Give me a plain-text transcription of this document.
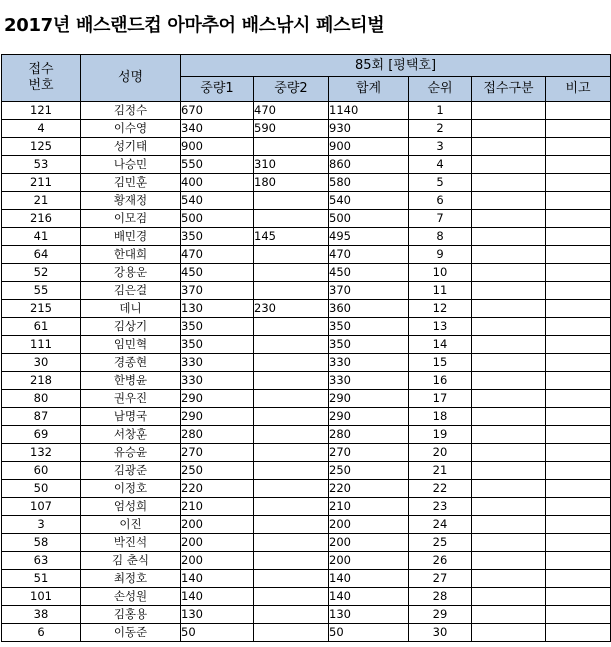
2017년 배스랜드컵 아마추어 배스낚시 페스티벌
접수
번호	성명	85회 [평택호]					
		중량1	중량2	합계	순위	접수구분	비고
121	김정수	670	470	1140	1		
4	이수영	340	590	930	2		
125	성기태	900		900	3		
53	나승민	550	310	860	4		
211	김민훈	400	180	580	5		
21	황재정	540		540	6		
216	이모검	500		500	7		
41	배민경	350	145	495	8		
64	한대희	470		470	9		
52	강용운	450		450	10		
55	김은걸	370		370	11		
215	데니	130	230	360	12		
61	김상기	350		350	13		
111	임민혁	350		350	14		
30	경종현	330		330	15		
218	한병윤	330		330	16		
80	권우진	290		290	17		
87	남명국	290		290	18		
69	서창훈	280		280	19		
132	유승윤	270		270	20		
60	김광준	250		250	21		
50	이정호	220		220	22		
107	엄성희	210		210	23		
3	이진	200		200	24		
58	박진석	200		200	25		
63	김 춘식	200		200	26		
51	최정호	140		140	27		
101	손성원	140		140	28		
38	김홍용	130		130	29		
6	이동준	50		50	30		
